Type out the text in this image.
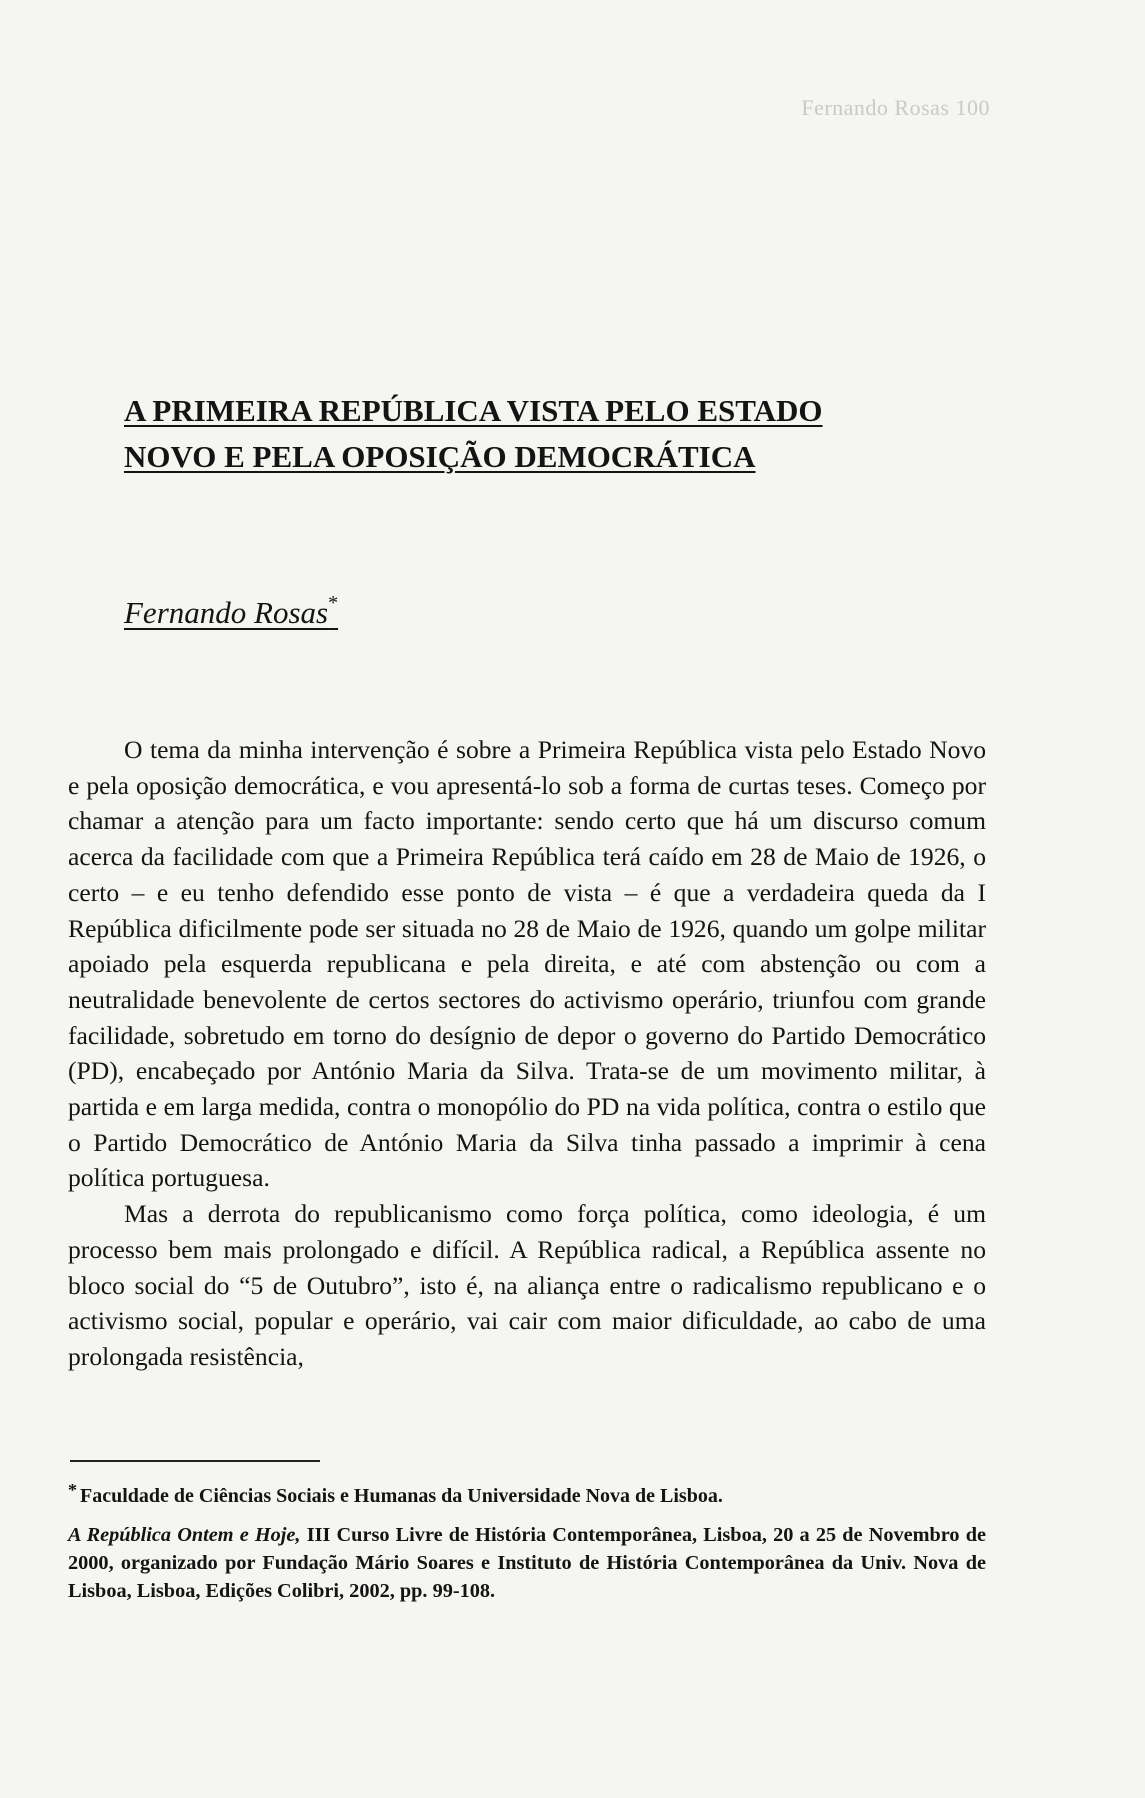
Fernando Rosas 100
A PRIMEIRA REPÚBLICA VISTA PELO ESTADO
NOVO E PELA OPOSIÇÃO DEMOCRÁTICA
Fernando Rosas*

O tema da minha intervenção é sobre a Primeira República vista pelo Estado Novo e pela oposição democrática, e vou apresentá-lo sob a forma de curtas teses. Começo por chamar a atenção para um facto importante: sendo certo que há um discurso comum acerca da facilidade com que a Primeira República terá caído em 28 de Maio de 1926, o certo – e eu tenho defendido esse ponto de vista – é que a verdadeira queda da I República dificilmente pode ser situada no 28 de Maio de 1926, quando um golpe militar apoiado pela esquerda republicana e pela direita, e até com abstenção ou com a neutralidade benevolente de certos sectores do activismo operário, triunfou com grande facilidade, sobretudo em torno do desígnio de depor o governo do Partido Democrático (PD), encabeçado por António Maria da Silva. Trata-se de um movimento militar, à partida e em larga medida, contra o monopólio do PD na vida política, contra o estilo que o Partido Democrático de António Maria da Silva tinha passado a imprimir à cena política portuguesa.

Mas a derrota do republicanismo como força política, como ideologia, é um processo bem mais prolongado e difícil. A República radical, a República assente no bloco social do “5 de Outubro”, isto é, na aliança entre o radicalismo republicano e o activismo social, popular e operário, vai cair com maior dificuldade, ao cabo de uma prolongada resistência,

* Faculdade de Ciências Sociais e Humanas da Universidade Nova de Lisboa.
A República Ontem e Hoje, III Curso Livre de História Contemporânea, Lisboa, 20 a 25 de Novembro de 2000, organizado por Fundação Mário Soares e Instituto de História Contemporânea da Univ. Nova de Lisboa, Lisboa, Edições Colibri, 2002, pp. 99-108.
